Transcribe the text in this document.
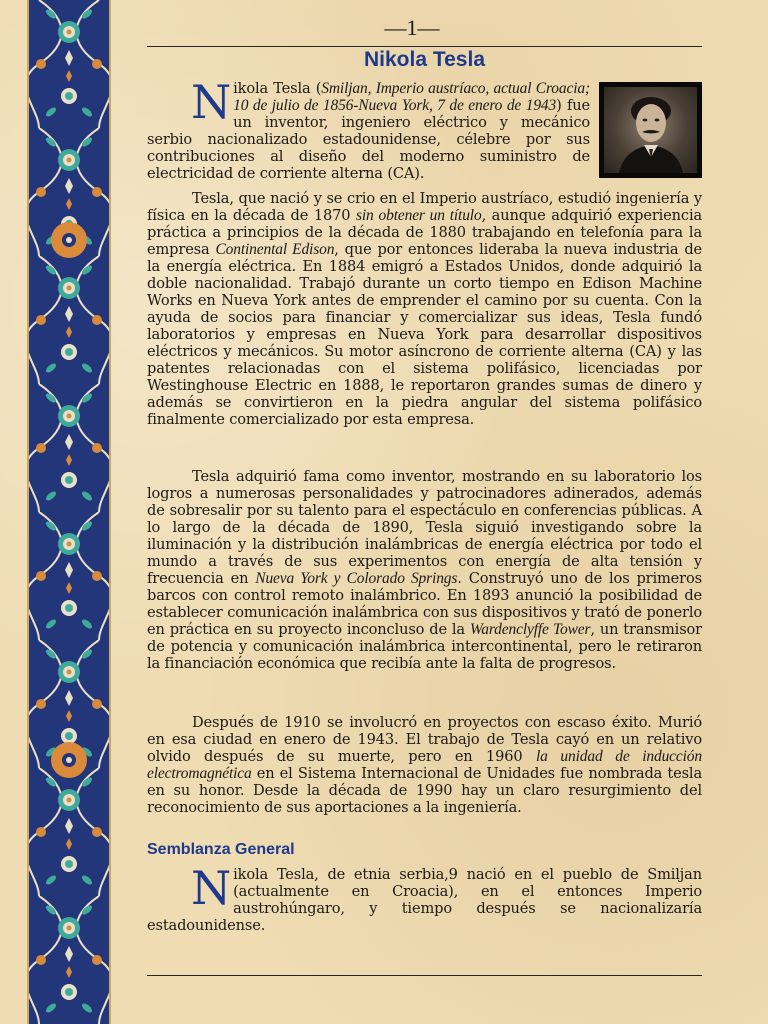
—1—
Nikola Tesla

Nikola Tesla (Smiljan, Imperio austríaco, actual Croacia; 10 de julio de 1856-Nueva York, 7 de enero de 1943) fue un inventor, ingeniero eléctrico y mecánico serbio nacionalizado estadounidense, célebre por sus contribuciones al diseño del moderno suministro de electricidad de corriente alterna (CA).

Tesla, que nació y se crio en el Imperio austríaco, estudió ingeniería y física en la década de 1870 sin obtener un título, aunque adquirió experiencia práctica a principios de la década de 1880 trabajando en telefonía para la empresa Continental Edison, que por entonces lideraba la nueva industria de la energía eléctrica. En 1884 emigró a Estados Unidos, donde adquirió la doble nacionalidad. Trabajó durante un corto tiempo en Edison Machine Works en Nueva York antes de emprender el camino por su cuenta. Con la ayuda de socios para financiar y comercializar sus ideas, Tesla fundó laboratorios y empresas en Nueva York para desarrollar dispositivos eléctricos y mecánicos. Su motor asíncrono de corriente alterna (CA) y las patentes relacionadas con el sistema polifásico, licenciadas por Westinghouse Electric en 1888, le reportaron grandes sumas de dinero y además se convirtieron en la piedra angular del sistema polifásico finalmente comercializado por esta empresa.

Tesla adquirió fama como inventor, mostrando en su laboratorio los logros a numerosas personalidades y patrocinadores adinerados, además de sobresalir por su talento para el espectáculo en conferencias públicas. A lo largo de la década de 1890, Tesla siguió investigando sobre la iluminación y la distribución inalámbricas de energía eléctrica por todo el mundo a través de sus experimentos con energía de alta tensión y frecuencia en Nueva York y Colorado Springs. Construyó uno de los primeros barcos con control remoto inalámbrico. En 1893 anunció la posibilidad de establecer comunicación inalámbrica con sus dispositivos y trató de ponerlo en práctica en su proyecto inconcluso de la Wardenclyffe Tower, un transmisor de potencia y comunicación inalámbrica intercontinental, pero le retiraron la financiación económica que recibía ante la falta de progresos.

Después de 1910 se involucró en proyectos con escaso éxito. Murió en esa ciudad en enero de 1943. El trabajo de Tesla cayó en un relativo olvido después de su muerte, pero en 1960 la unidad de inducción electromagnética en el Sistema Internacional de Unidades fue nombrada tesla en su honor. Desde la década de 1990 hay un claro resurgimiento del reconocimiento de sus aportaciones a la ingeniería.

Semblanza General

Nikola Tesla, de etnia serbia,9 nació en el pueblo de Smiljan (actualmente en Croacia), en el entonces Imperio austrohúngaro, y tiempo después se nacionalizaría estadounidense.
